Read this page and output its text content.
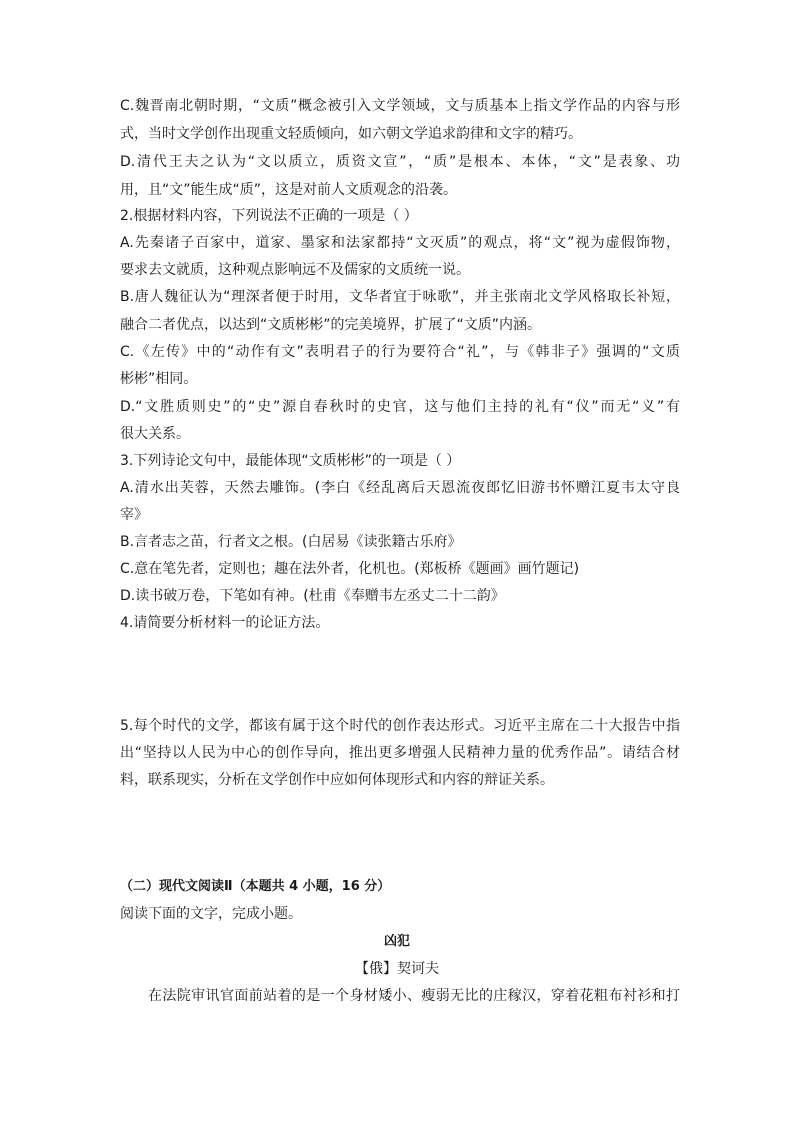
C.魏晋南北朝时期，“文质”概念被引入文学领域，文与质基本上指文学作品的内容与形
式，当时文学创作出现重文轻质倾向，如六朝文学追求韵律和文字的精巧。
D.清代王夫之认为“文以质立，质资文宣”，“质”是根本、本体，“文”是表象、功
用，且“文”能生成“质”，这是对前人文质观念的沿袭。
2.根据材料内容，下列说法不正确的一项是（ ）
A.先秦诸子百家中，道家、墨家和法家都持“文灭质”的观点，将“文”视为虚假饰物，
要求去文就质，这种观点影响远不及儒家的文质统一说。
B.唐人魏征认为“理深者便于时用，文华者宜于咏歌”，并主张南北文学风格取长补短，
融合二者优点，以达到“文质彬彬”的完美境界，扩展了“文质”内涵。
C.《左传》中的“动作有文”表明君子的行为要符合“礼”，与《韩非子》强调的“文质
彬彬”相同。
D.“文胜质则史”的“史”源自春秋时的史官，这与他们主持的礼有“仪”而无“义”有
很大关系。
3.下列诗论文句中，最能体现“文质彬彬”的一项是（ ）
A.清水出芙蓉，天然去雕饰。(李白《经乱离后天恩流夜郎忆旧游书怀赠江夏韦太守良
宰》
B.言者志之苗，行者文之根。(白居易《读张籍古乐府》
C.意在笔先者，定则也；趣在法外者，化机也。(郑板桥《题画》画竹题记)
D.读书破万卷，下笔如有神。(杜甫《奉赠韦左丞丈二十二韵》
4.请简要分析材料一的论证方法。
5.每个时代的文学，都该有属于这个时代的创作表达形式。习近平主席在二十大报告中指
出“坚持以人民为中心的创作导向，推出更多增强人民精神力量的优秀作品”。请结合材
料，联系现实，分析在文学创作中应如何体现形式和内容的辩证关系。
（二）现代文阅读Ⅱ（本题共 4 小题，16 分）
阅读下面的文字，完成小题。
凶犯
【俄】契诃夫
在法院审讯官面前站着的是一个身材矮小、瘦弱无比的庄稼汉，穿着花粗布衬衫和打
